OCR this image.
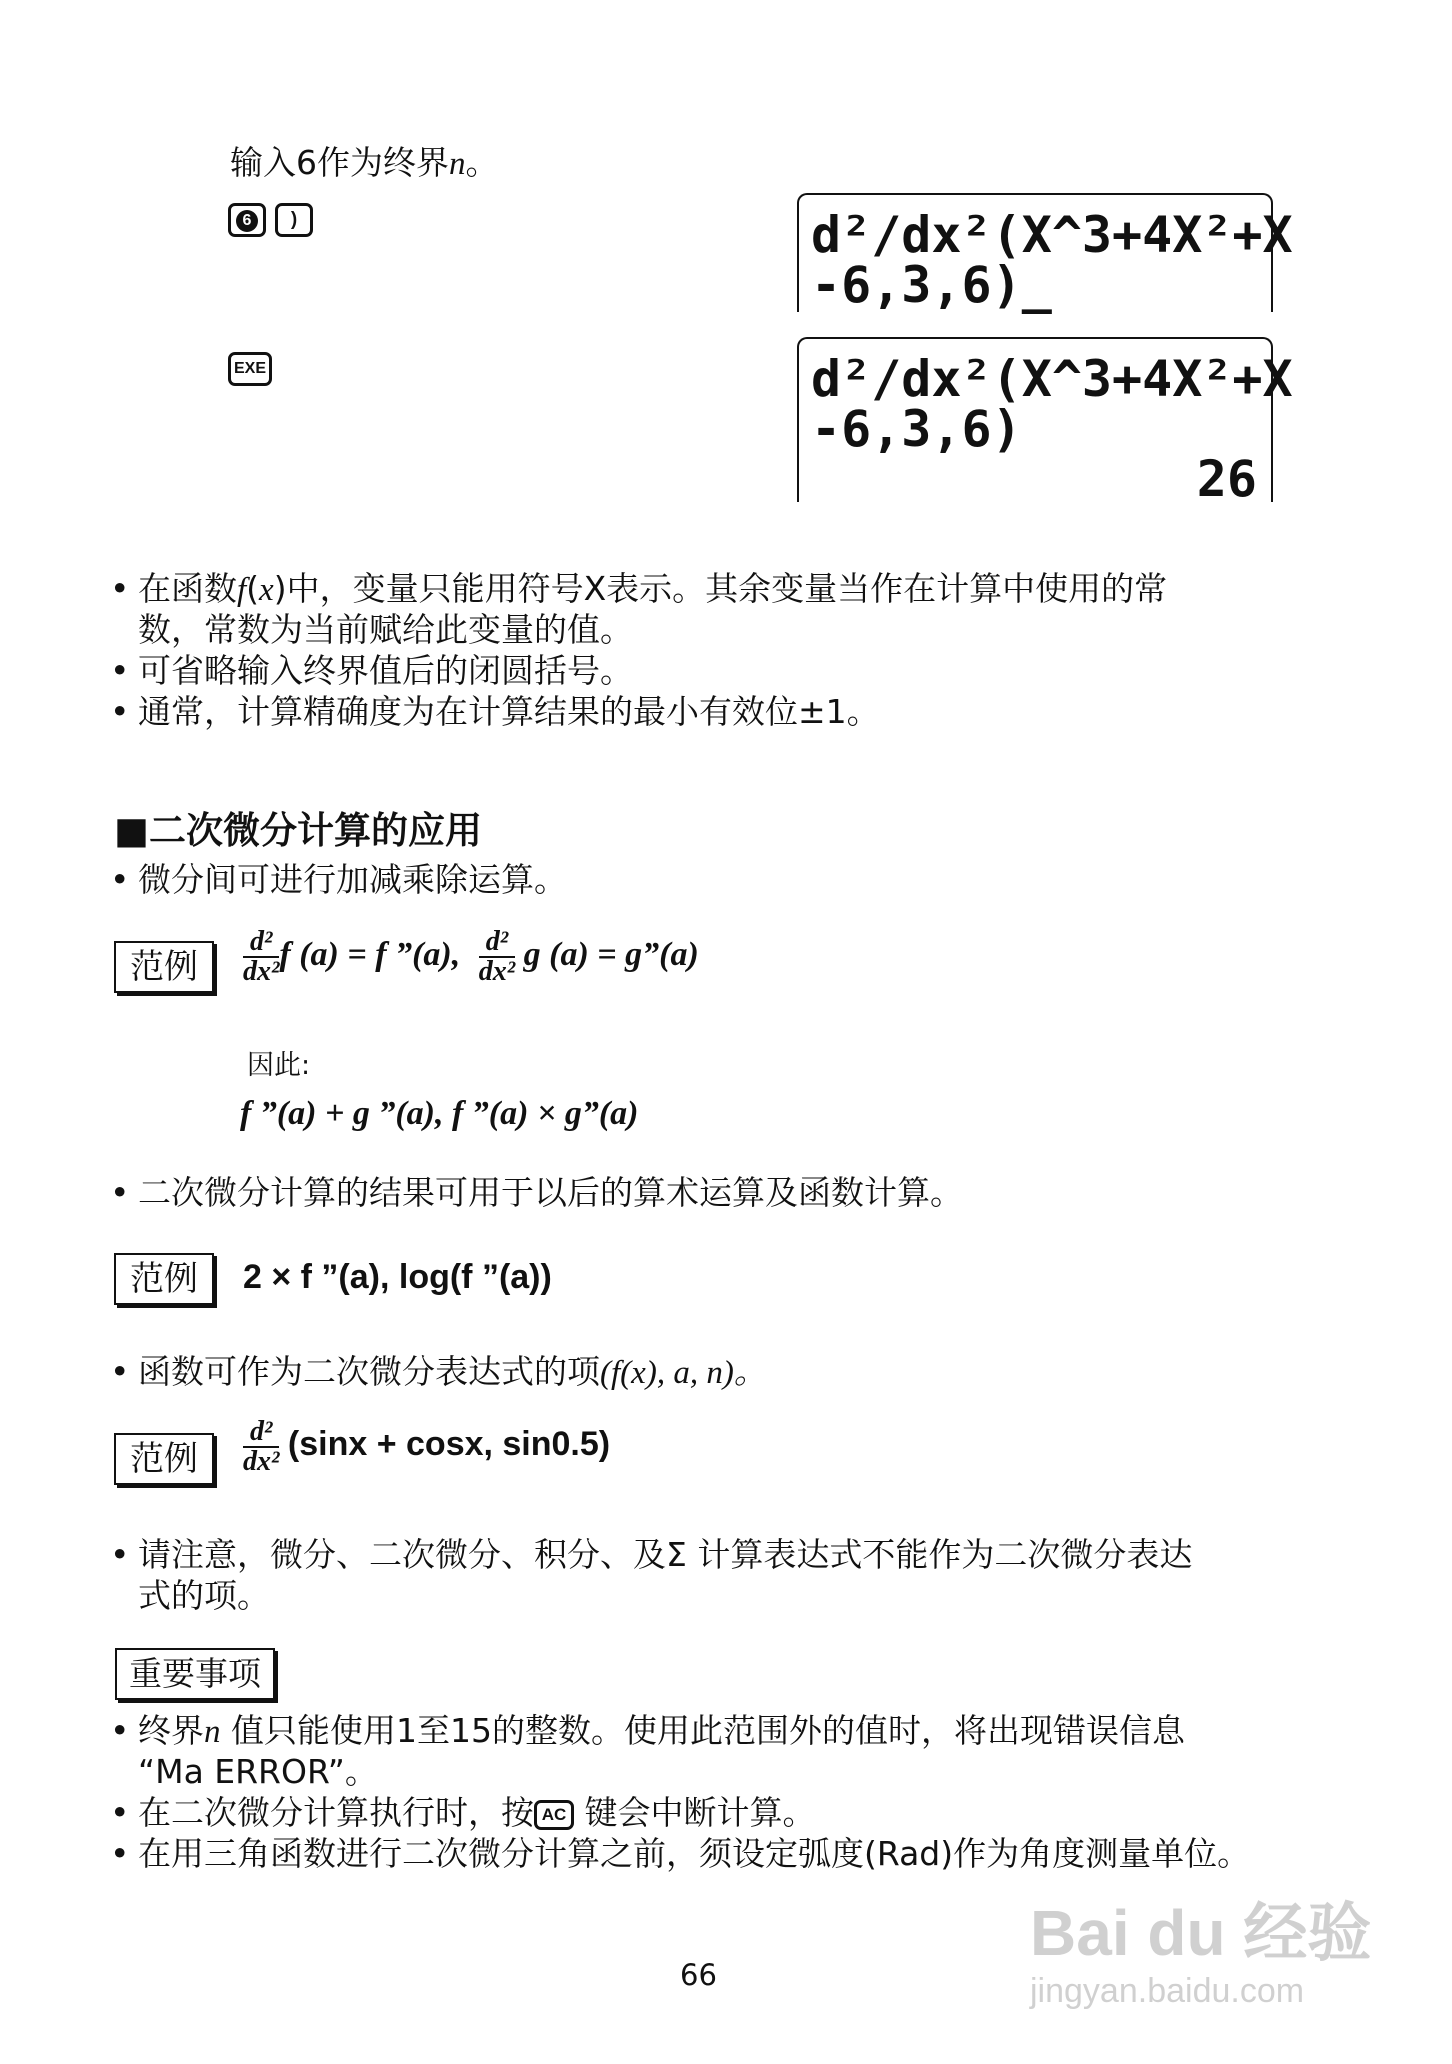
输入6作为终界n。
6 )	d²/dx²(X^3+4X²+X
-6,3,6)_
EXE	d²/dx²(X^3+4X²+X
-6,3,6)
26
• 在函数f(x)中，变量只能用符号X表示。其余变量当作在计算中使用的常
数，常数为当前赋给此变量的值。
• 可省略输入终界值后的闭圆括号。
• 通常，计算精确度为在计算结果的最小有效位±1。
■二次微分计算的应用
• 微分间可进行加减乘除运算。
范例	$\frac{\text{d²}}{\text{dx²}}$ f (a) = f ”(a), $\frac{\text{d²}}{\text{dx²}}$ g (a) = g”(a)
因此:
f ”(a) + g ”(a), f ”(a) × g”(a)
• 二次微分计算的结果可用于以后的算术运算及函数计算。
范例	2 × f ”(a), log(f ”(a))
• 函数可作为二次微分表达式的项(f(x), a, n)。
范例	$\frac{\text{d²}}{\text{dx²}} (\sin x + \cos x$, sin0.5)
• 请注意，微分、二次微分、积分、及Σ 计算表达式不能作为二次微分表达
式的项。
重要事项
• 终界n 值只能使用1至15的整数。使用此范围外的值时，将出现错误信息
“Ma ERROR”。
• 在二次微分计算执行时，按 AC 键会中断计算。
• 在用三角函数进行二次微分计算之前，须设定弧度(Rad)作为角度测量单位。
66
Bai du 经验
jingyan.baidu.com
